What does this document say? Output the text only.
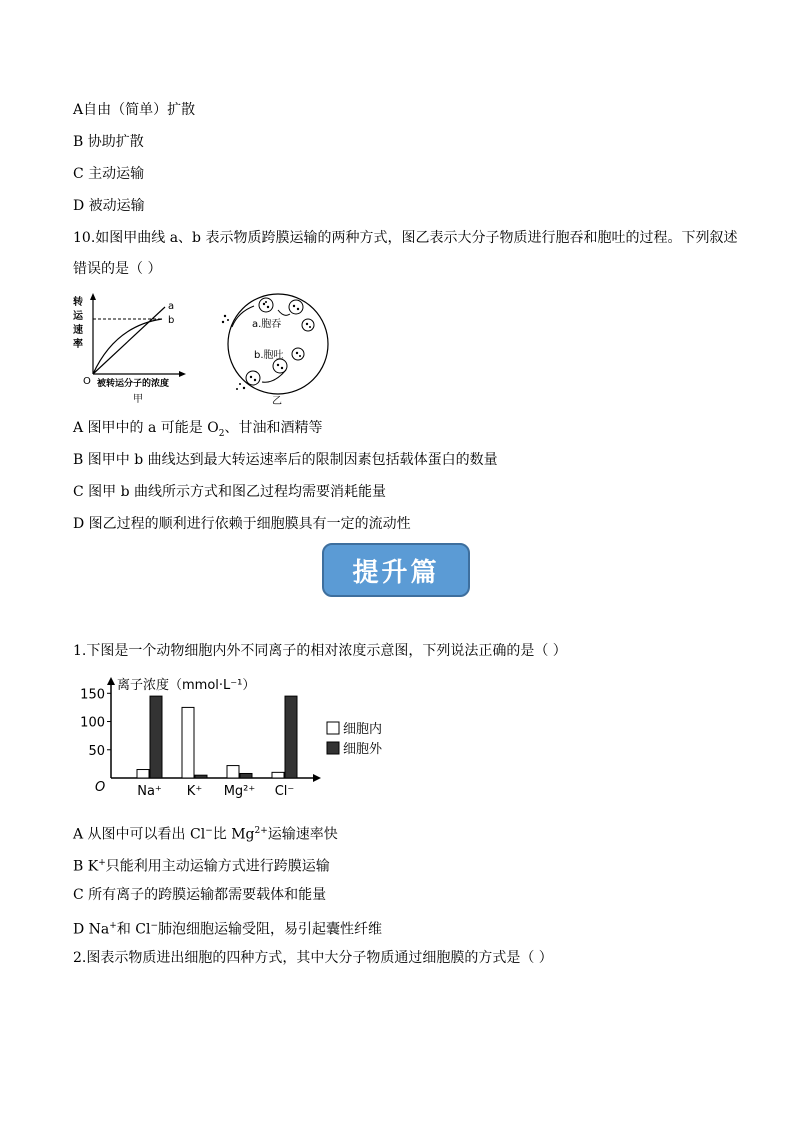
A自由（简单）扩散
B 协助扩散
C 主动运输
D 被动运输
10.如图甲曲线 a、b 表示物质跨膜运输的两种方式，图乙表示大分子物质进行胞吞和胞吐的过程。下列叙述
错误的是（ ）
转
运
速
率
a
b
O 被转运分子的浓度
甲
a.胞吞
b.胞吐
乙
A 图甲中的 a 可能是 $O_2$、甘油和酒精等
B 图甲中 b 曲线达到最大转运速率后的限制因素包括载体蛋白的数量
C 图甲 b 曲线所示方式和图乙过程均需要消耗能量
D 图乙过程的顺利进行依赖于细胞膜具有一定的流动性
提升篇
1.下图是一个动物细胞内外不同离子的相对浓度示意图，下列说法正确的是（ ）
离子浓度（mmol·L⁻¹）
O
50
100
150
Na⁺ K⁺ Mg²⁺ Cl⁻
细胞内
细胞外
A 从图中可以看出 Cl−比 $Mg^{2+}$运输速率快
B K+只能利用主动运输方式进行跨膜运输
C 所有离子的跨膜运输都需要载体和能量
D Na+和 Cl−肺泡细胞运输受阻，易引起囊性纤维
2.图表示物质进出细胞的四种方式，其中大分子物质通过细胞膜的方式是（ ）
